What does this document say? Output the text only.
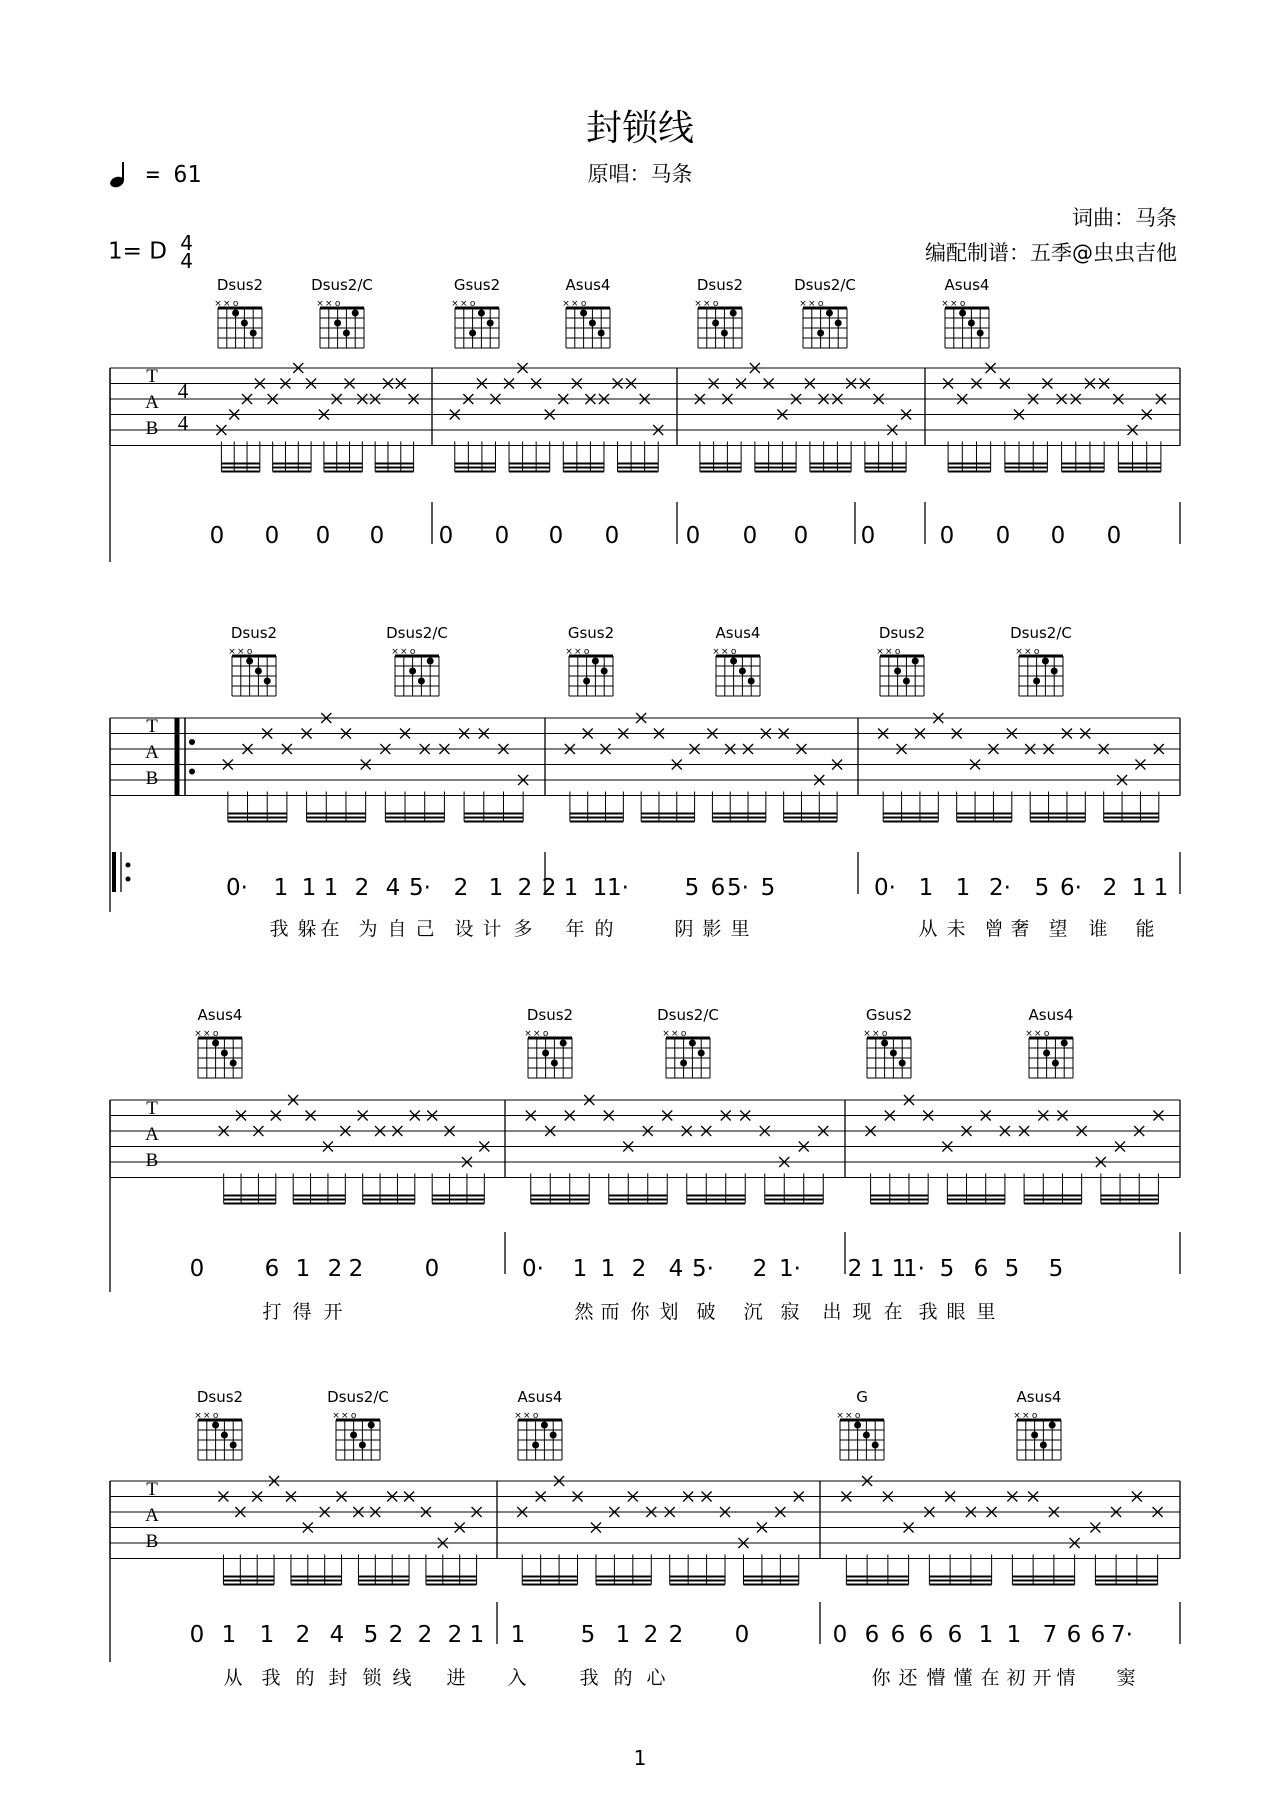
封锁线
原唱：马条
= 61
1= D 4
4
词曲：马条
编配制谱：五季@虫虫吉他
T
A
B
4
4
× × o	× × o	× × o	× × o	× × o	× × o	× × o
T
A
B
× × o	× × o	× × o	× × o	× × o	× × o
T
A
B
× × o	× × o	× × o	× × o	× × o
T
A
B
× × o	× × o	× × o	× × o	× × o
Dsus2	Dsus2/C	Gsus2	Asus4	Dsus2	Dsus2/C	Asus4
0	0	0	0	0	0	0	0	0	0	0	0	0	0	0	0
Dsus2	Dsus2/C	Gsus2	Asus4	Dsus2	Dsus2/C
0·	1 1 1 2 4 5· 2 1 2 2 1 1 1·	5 6 5· 5	0· 1 1 2·	5 6· 2 1 1
我 躲 在 为 自 己	设 计 多	年 的	阴 影 里	从 未 曾 奢 望	谁	能
Asus4	Dsus2	Dsus2/C	Gsus2	Asus4
0	6 1 2 2	0	0·	1 1 2 4 5·	2 1·	2 1 1
1· 5 6 5	5
打 得 开	然 而 你 划 破	沉 寂	出 现 在 我 眼 里
Dsus2	Dsus2/C	Asus4	G	Asus4
0 1	1 2 4 5 2 2 2 1	1	5 1 2 2	0	0 6 6 6 6 1 1 7 6 6 7·
从 我 的 封 锁 线	进	入	我 的 心	你 还 懵 懂 在 初 开 情	窦
1
